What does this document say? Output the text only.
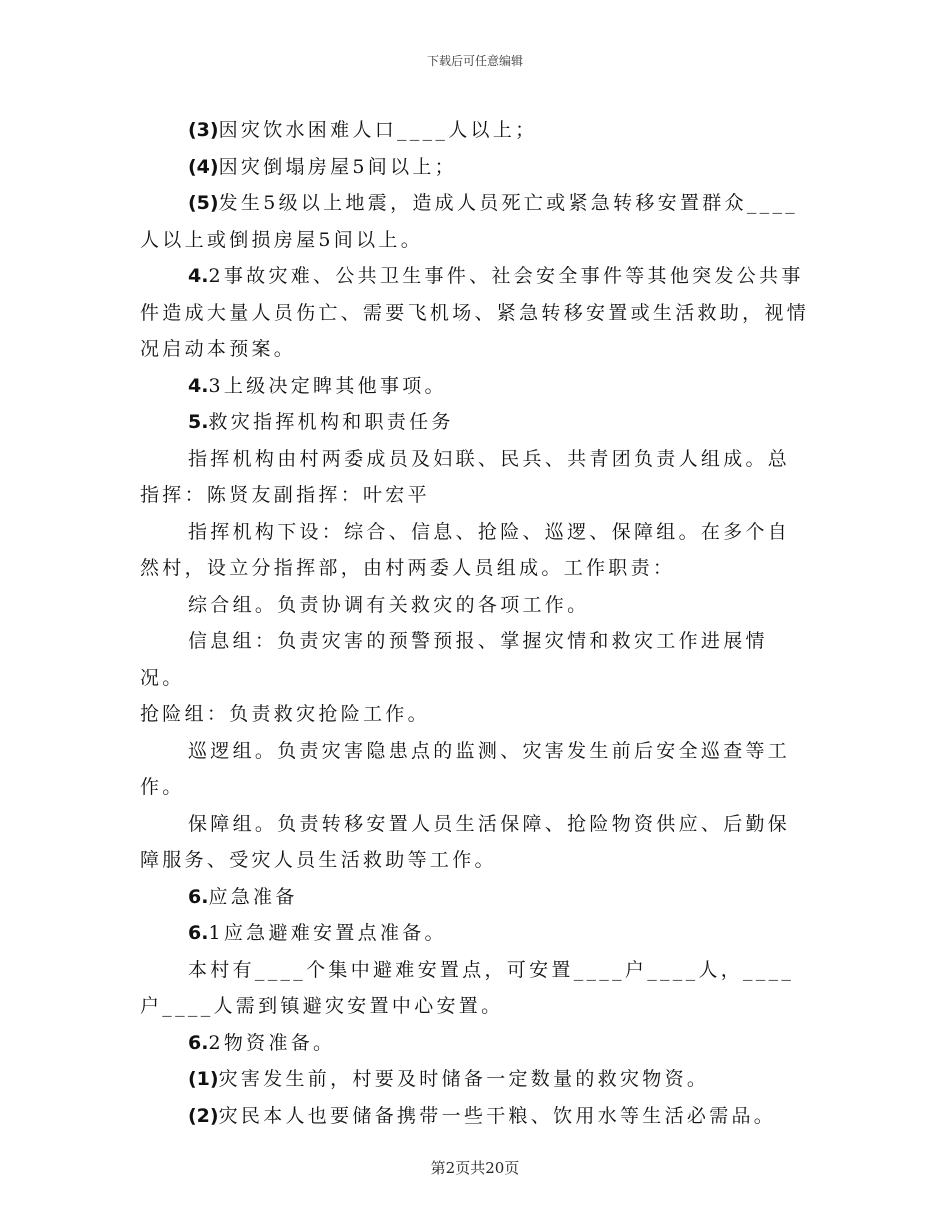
下载后可任意编辑

(3)因灾饮水困难人口____人以上；

(4)因灾倒塌房屋5间以上；

(5)发生5级以上地震，造成人员死亡或紧急转移安置群众____人以上或倒损房屋5间以上。

4.2事故灾难、公共卫生事件、社会安全事件等其他突发公共事件造成大量人员伤亡、需要飞机场、紧急转移安置或生活救助，视情况启动本预案。

4.3上级决定睥其他事项。

5.救灾指挥机构和职责任务

指挥机构由村两委成员及妇联、民兵、共青团负责人组成。总指挥：陈贤友副指挥：叶宏平

指挥机构下设：综合、信息、抢险、巡逻、保障组。在多个自然村，设立分指挥部，由村两委人员组成。工作职责：

综合组。负责协调有关救灾的各项工作。

信息组：负责灾害的预警预报、掌握灾情和救灾工作进展情况。

抢险组：负责救灾抢险工作。

巡逻组。负责灾害隐患点的监测、灾害发生前后安全巡查等工作。

保障组。负责转移安置人员生活保障、抢险物资供应、后勤保障服务、受灾人员生活救助等工作。

6.应急准备

6.1应急避难安置点准备。

本村有____个集中避难安置点，可安置____户____人，____户____人需到镇避灾安置中心安置。

6.2物资准备。

(1)灾害发生前，村要及时储备一定数量的救灾物资。

(2)灾民本人也要储备携带一些干粮、饮用水等生活必需品。

第2页共20页
